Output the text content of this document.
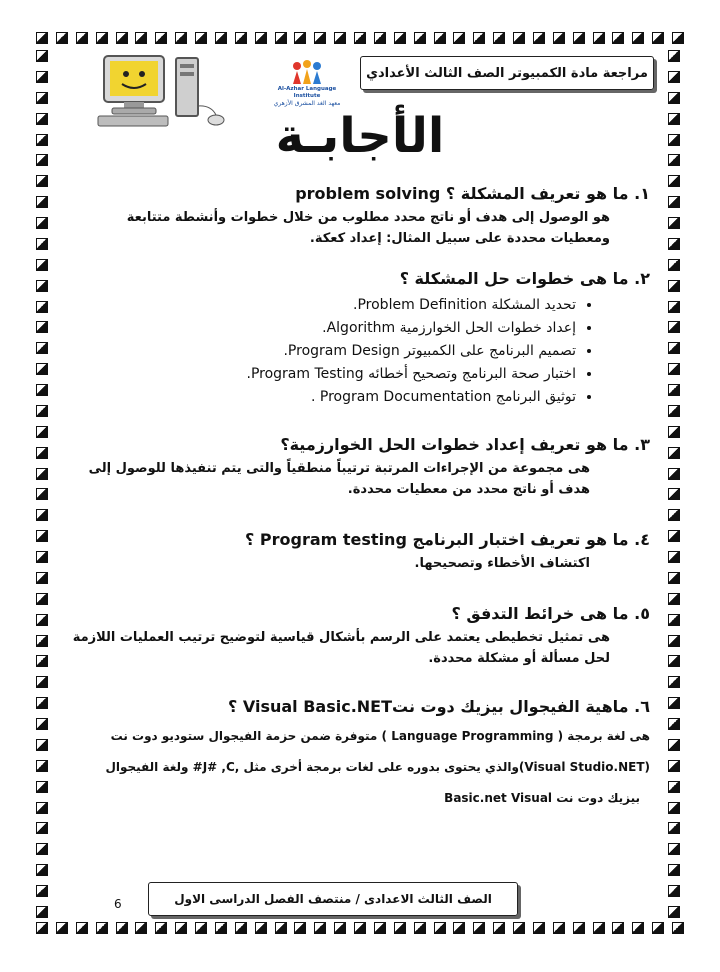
Al-Azhar Language Institute
معهد الغد المشرق الأزهري
مراجعة مادة الكمبيوتر الصف الثالث الأعدادي
الأجابـة

١. ما هو تعريف المشكلة ؟ problem solving

هو الوصول إلى هدف أو ناتج محدد مطلوب من خلال خطوات وأنشطة متتابعة ومعطيات محددة على سبيل المثال: إعداد كعكة.

٢. ما هى خطوات حل المشكلة ؟

• تحديد المشكلة Problem Definition.
• إعداد خطوات الحل الخوارزمية Algorithm.
• تصميم البرنامج على الكمبيوتر Program Design.
• اختبار صحة البرنامج وتصحيح أخطائه Program Testing.
• توثيق البرنامج Program Documentation .

٣. ما هو تعريف إعداد خطوات الحل الخوارزمية؟

هى مجموعة من الإجراءات المرتبة ترتيباً منطقياً والتى يتم تنفيذها للوصول إلى هدف أو ناتج محدد من معطيات محددة.

٤. ما هو تعريف اختبار البرنامج Program testing ؟

اكتشاف الأخطاء وتصحيحها.

٥. ما هى خرائط التدفق ؟

هى تمثيل تخطيطى يعتمد على الرسم بأشكال قياسية لتوضيح ترتيب العمليات اللازمة لحل مسألة أو مشكلة محددة.

٦. ماهية الفيجوال بيزيك دوت نتVisual Basic.NET ؟

هى لغة برمجة ( Language Programming ) متوفرة ضمن حزمة الفيجوال ستوديو دوت نت

(Visual Studio.NET)والذي يحتوى بدوره على لغات برمجة أخرى مثل ,J# ,C# ولغة الفيجوال

بيزيك دوت نت Basic.net Visual

6	الصف الثالث الاعدادى / منتصف الفصل الدراسى الاول
